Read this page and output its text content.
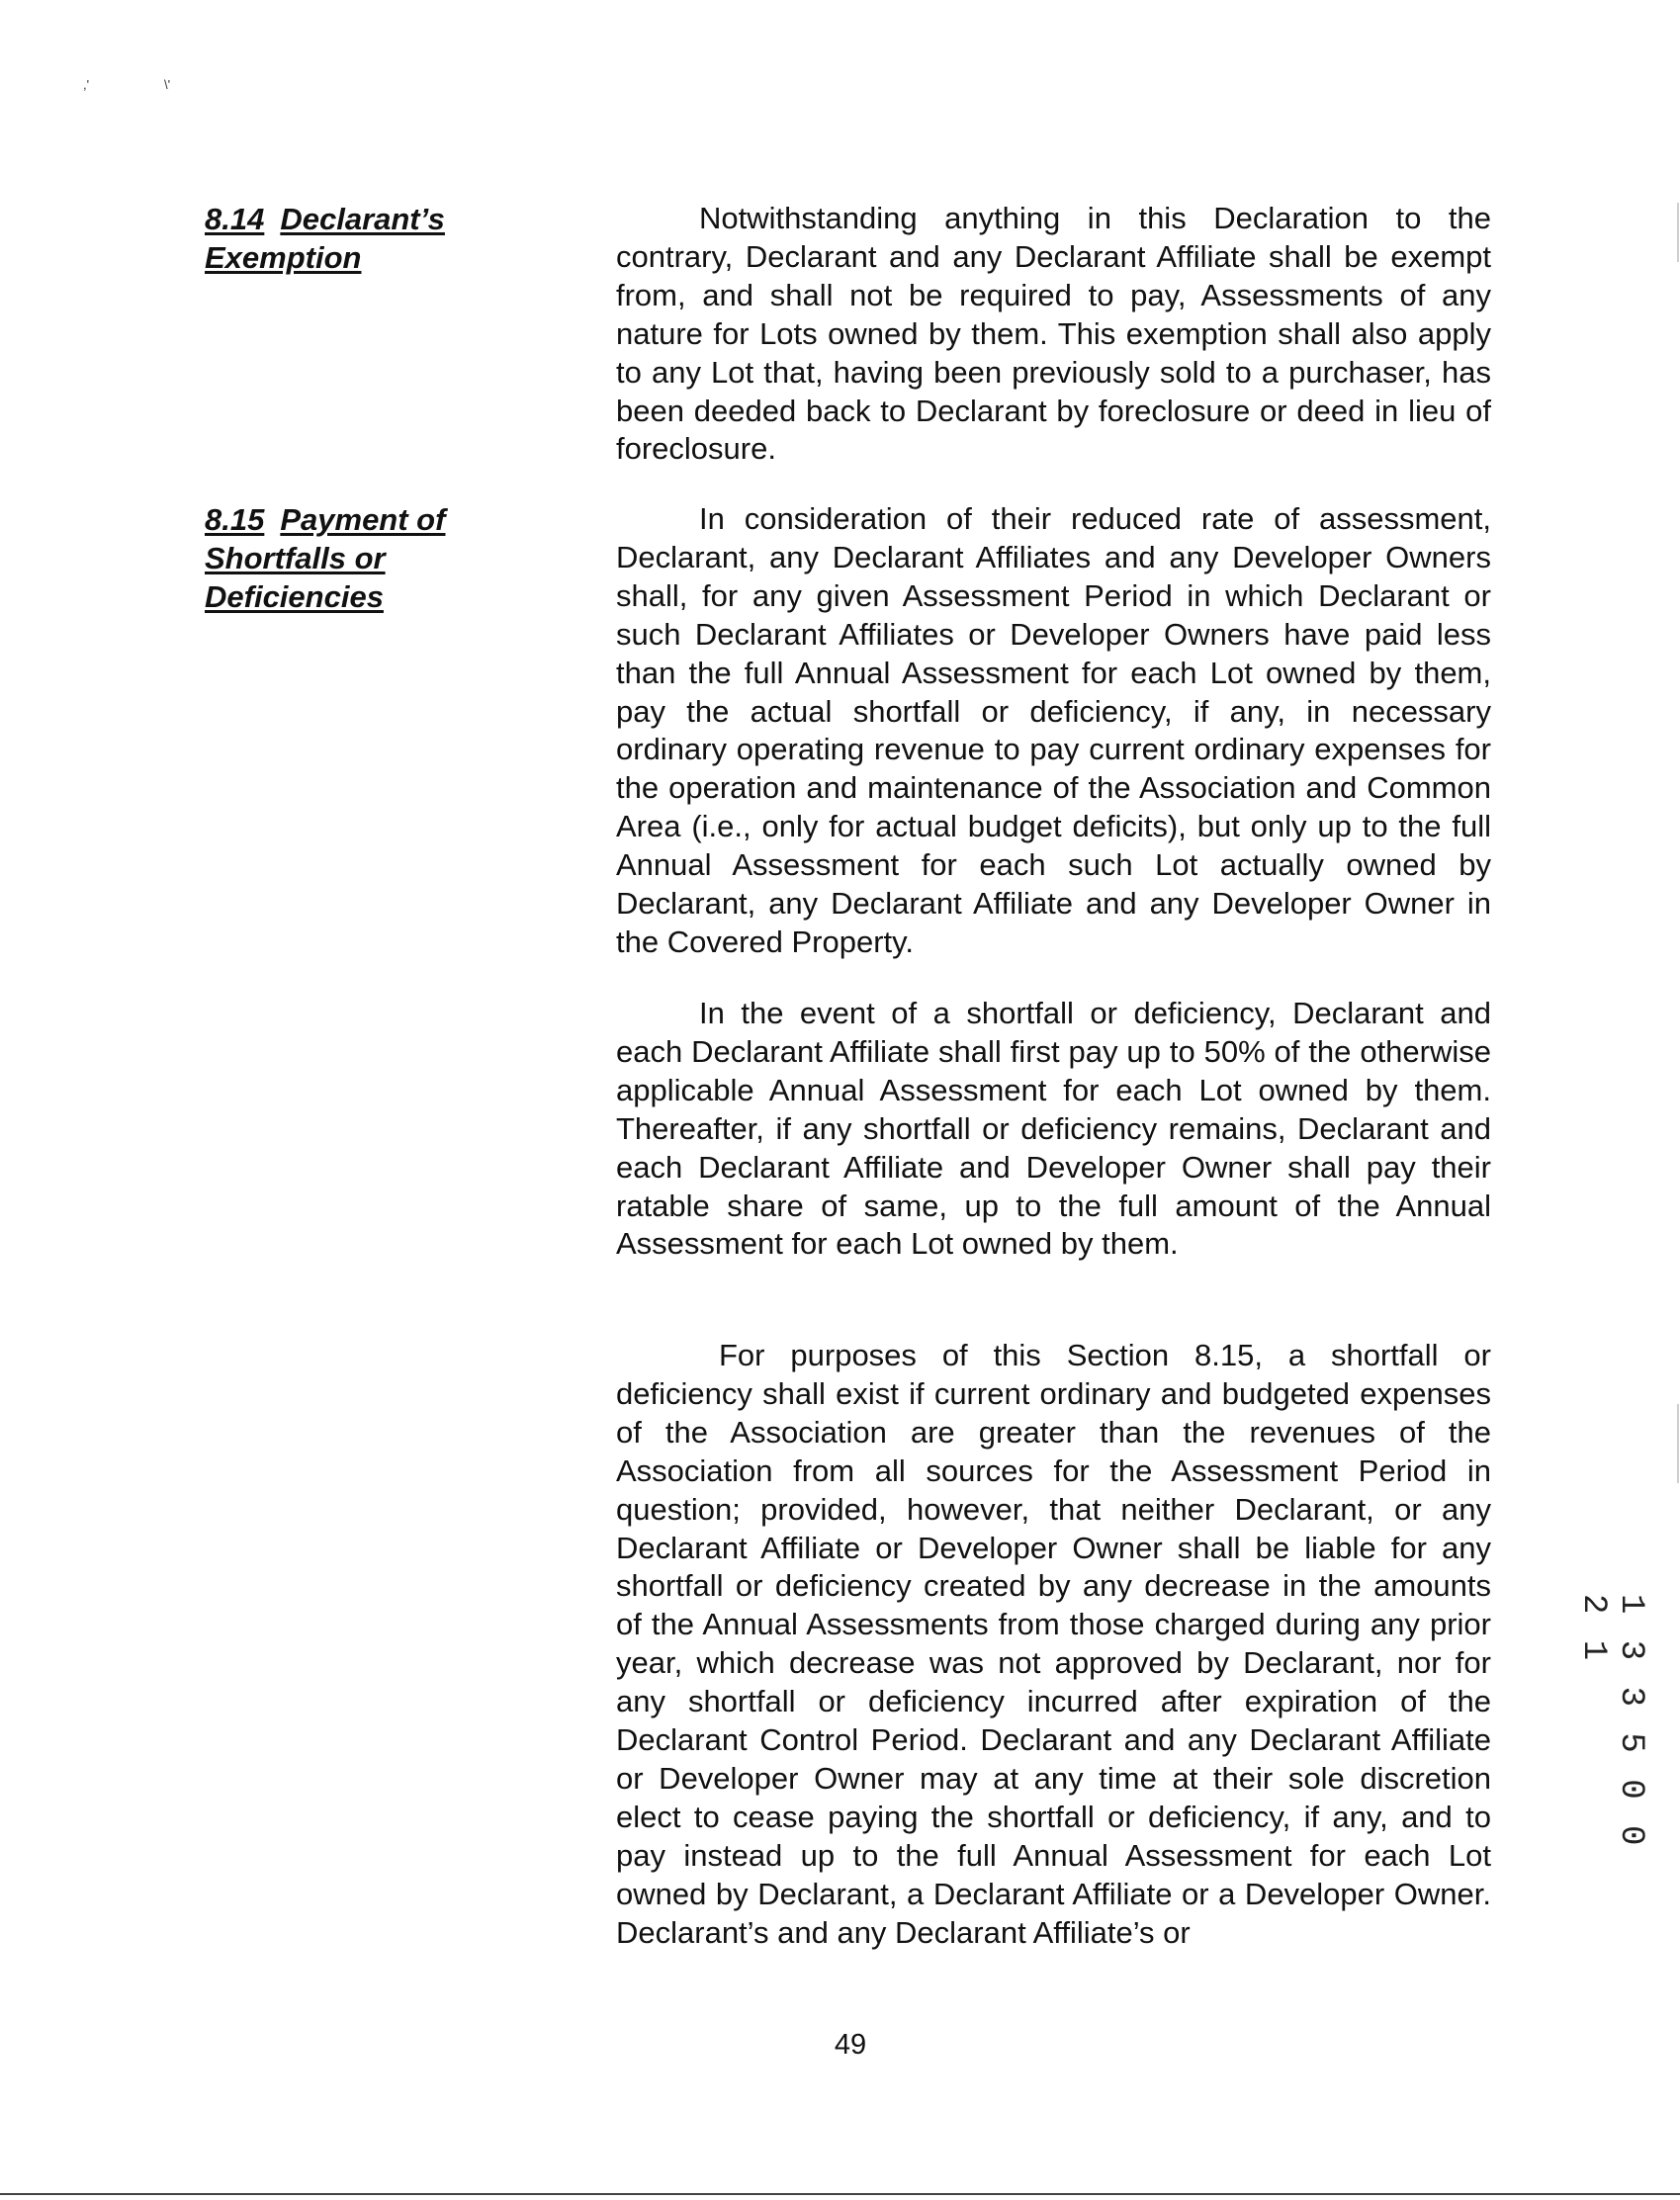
,'	\'
8.14 Declarant’s
Exemption

Notwithstanding anything in this Declaration to the contrary, Declarant and any Declarant Affiliate shall be exempt from, and shall not be required to pay, Assessments of any nature for Lots owned by them. This exemption shall also apply to any Lot that, having been previously sold to a purchaser, has been deeded back to Declarant by foreclosure or deed in lieu of foreclosure.

8.15 Payment of
Shortfalls or
Deficiencies

In consideration of their reduced rate of assessment, Declarant, any Declarant Affiliates and any Developer Owners shall, for any given Assessment Period in which Declarant or such Declarant Affiliates or Developer Owners have paid less than the full Annual Assessment for each Lot owned by them, pay the actual shortfall or deficiency, if any, in necessary ordinary operating revenue to pay current ordinary expenses for the operation and maintenance of the Association and Common Area (i.e., only for actual budget deficits), but only up to the full Annual Assessment for each such Lot actually owned by Declarant, any Declarant Affiliate and any Developer Owner in the Covered Property.

In the event of a shortfall or deficiency, Declarant and each Declarant Affiliate shall first pay up to 50% of the otherwise applicable Annual Assessment for each Lot owned by them. Thereafter, if any shortfall or deficiency remains, Declarant and each Declarant Affiliate and Developer Owner shall pay their ratable share of same, up to the full amount of the Annual Assessment for each Lot owned by them.

For purposes of this Section 8.15, a shortfall or deficiency shall exist if current ordinary and budgeted expenses of the Association are greater than the revenues of the Association from all sources for the Assessment Period in question; provided, however, that neither Declarant, or any Declarant Affiliate or Developer Owner shall be liable for any shortfall or deficiency created by any decrease in the amounts of the Annual Assessments from those charged during any prior year, which decrease was not approved by Declarant, nor for any shortfall or deficiency incurred after expiration of the Declarant Control Period. Declarant and any Declarant Affiliate or Developer Owner may at any time at their sole discretion elect to cease paying the shortfall or deficiency, if any, and to pay instead up to the full Annual Assessment for each Lot owned by Declarant, a Declarant Affiliate or a Developer Owner. Declarant’s and any Declarant Affiliate’s or

49
1 3 3 5 0 0 2 1
